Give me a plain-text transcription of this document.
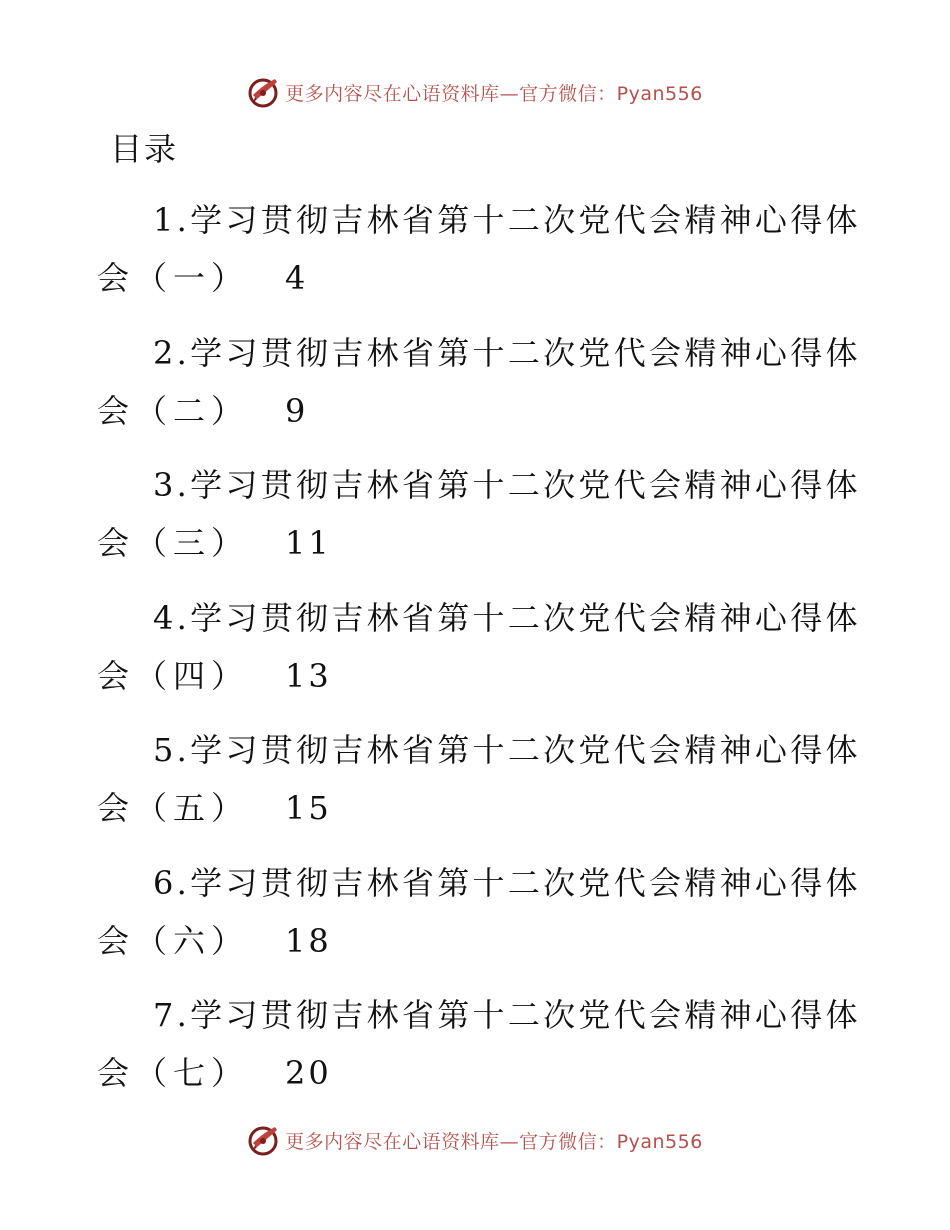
更多内容尽在心语资料库—官方微信：Pyan556
目录
1.学习贯彻吉林省第十二次党代会精神心得体
会（一） 4
2.学习贯彻吉林省第十二次党代会精神心得体
会（二） 9
3.学习贯彻吉林省第十二次党代会精神心得体
会（三） 11
4.学习贯彻吉林省第十二次党代会精神心得体
会（四） 13
5.学习贯彻吉林省第十二次党代会精神心得体
会（五） 15
6.学习贯彻吉林省第十二次党代会精神心得体
会（六） 18
7.学习贯彻吉林省第十二次党代会精神心得体
会（七） 20
更多内容尽在心语资料库—官方微信：Pyan556
